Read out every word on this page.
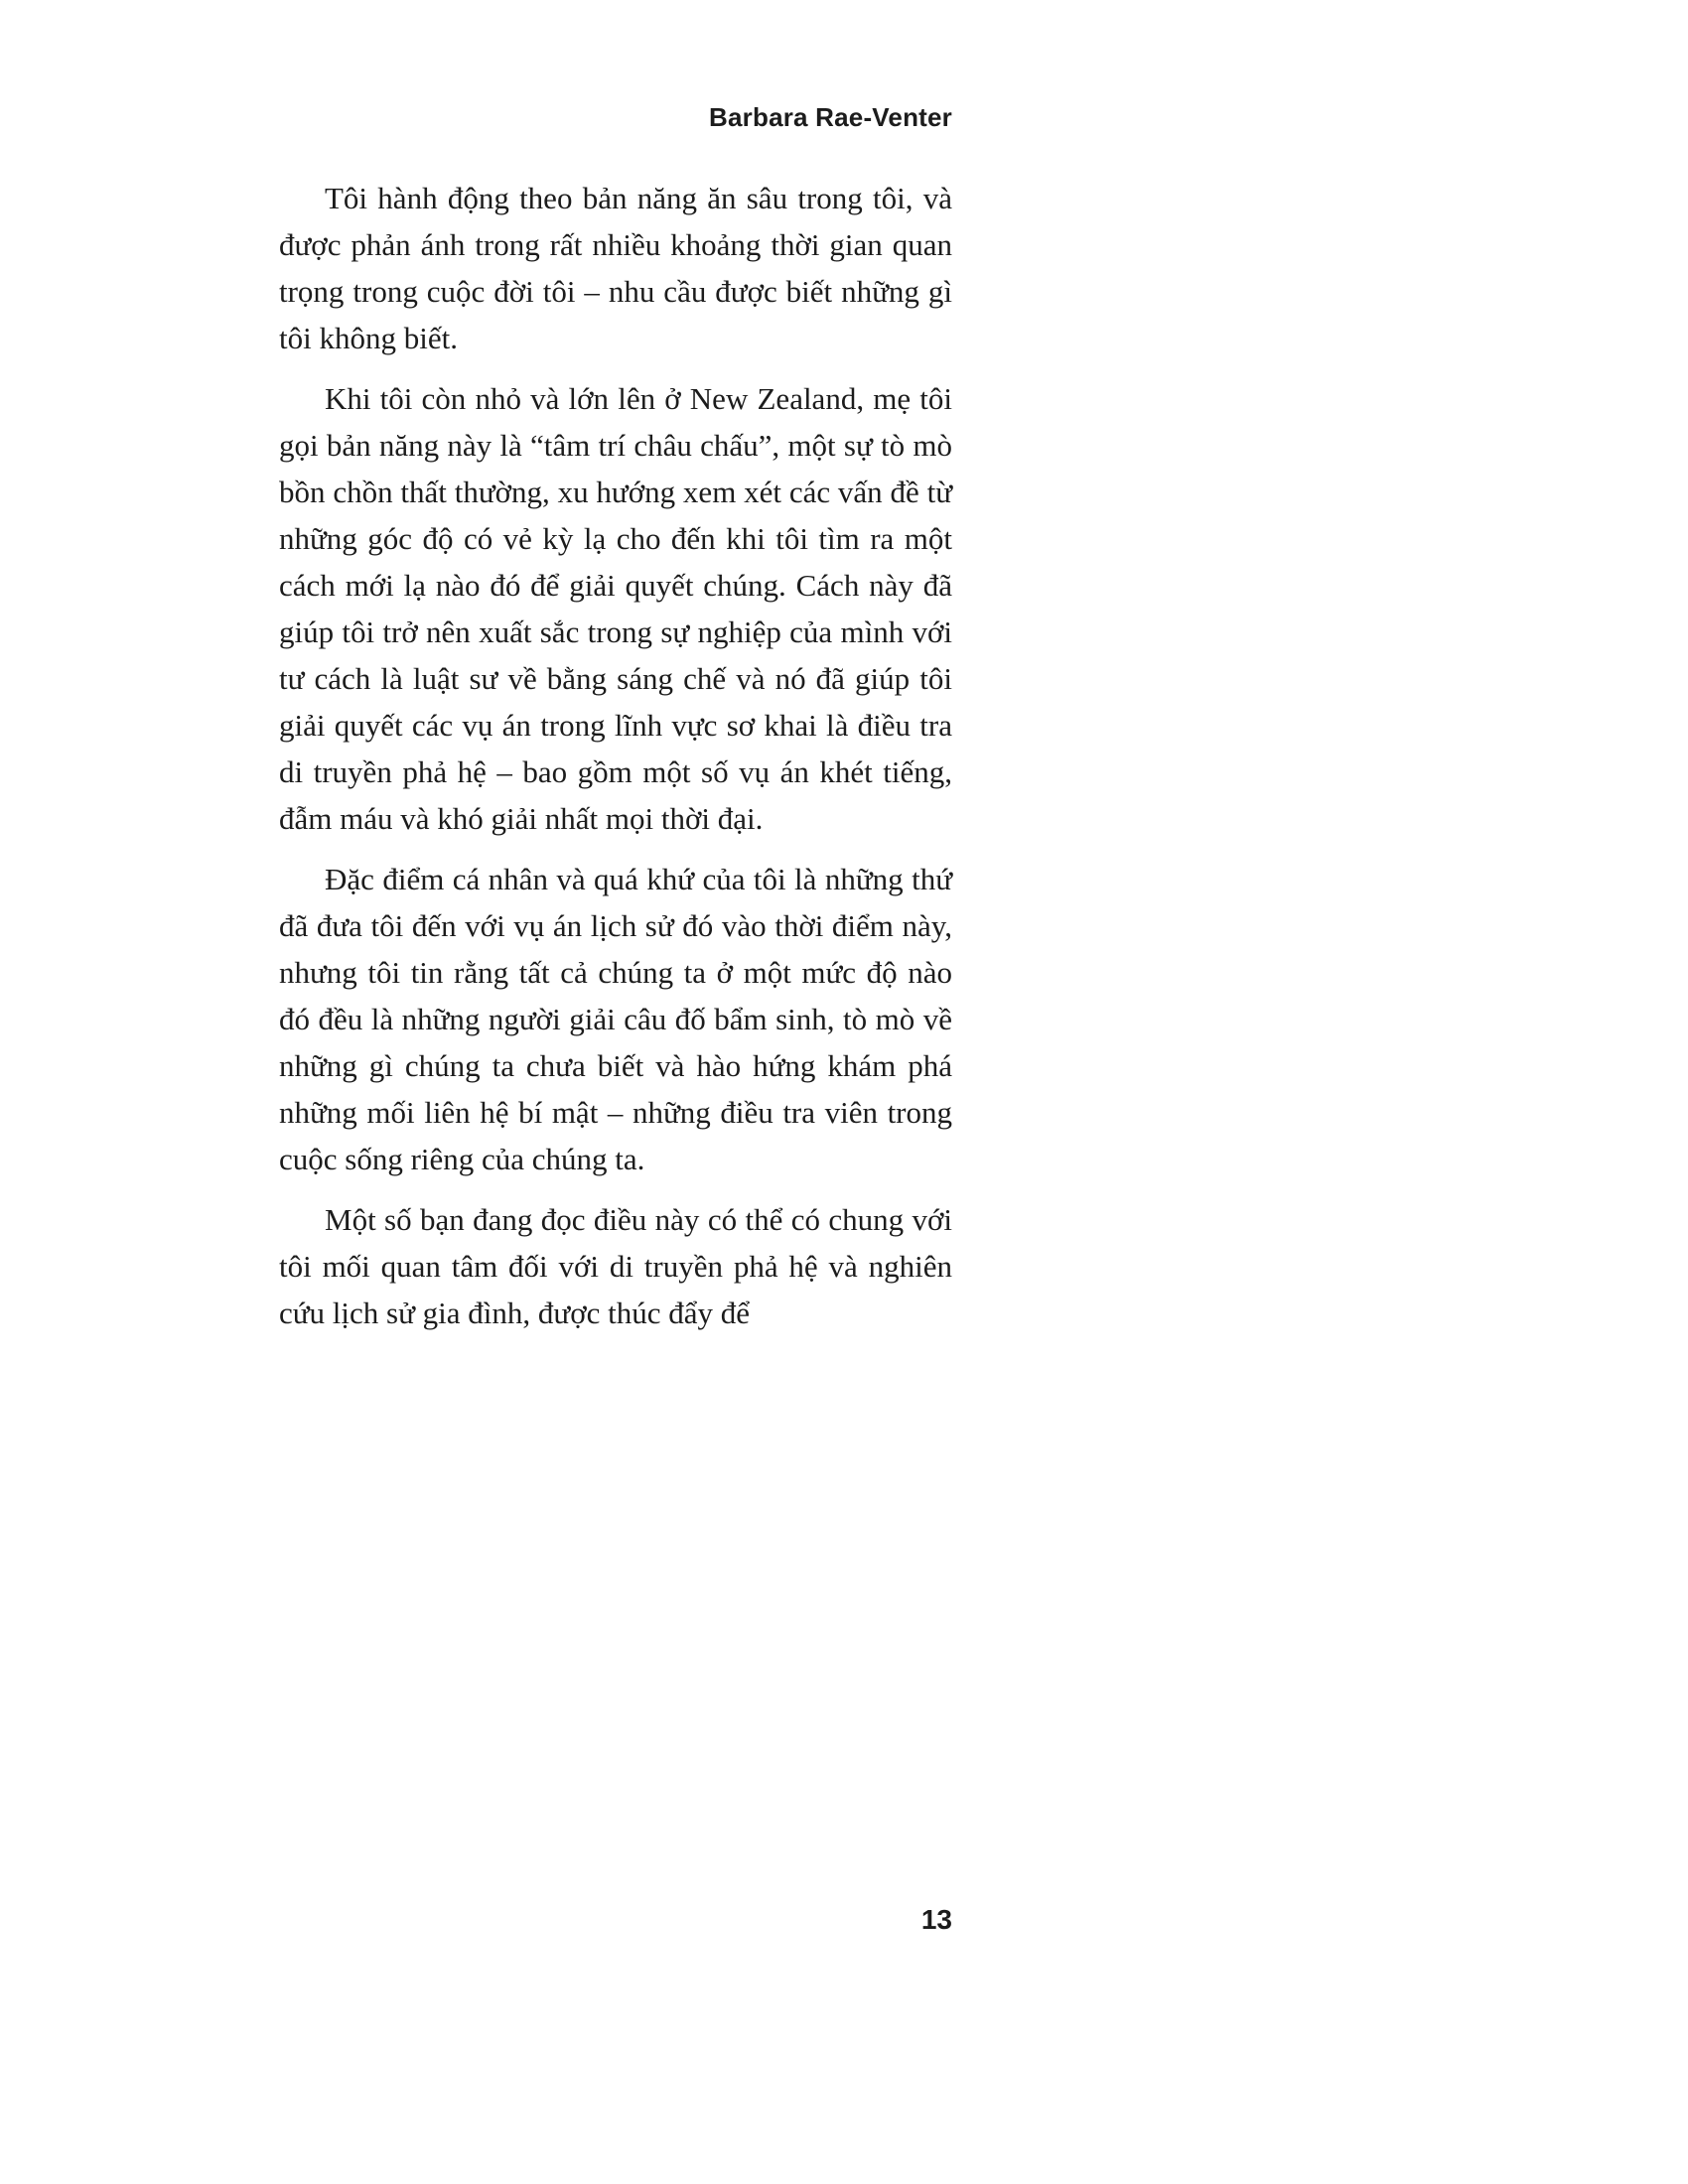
Barbara Rae-Venter

Tôi hành động theo bản năng ăn sâu trong tôi, và được phản ánh trong rất nhiều khoảng thời gian quan trọng trong cuộc đời tôi – nhu cầu được biết những gì tôi không biết.

Khi tôi còn nhỏ và lớn lên ở New Zealand, mẹ tôi gọi bản năng này là “tâm trí châu chấu”, một sự tò mò bồn chồn thất thường, xu hướng xem xét các vấn đề từ những góc độ có vẻ kỳ lạ cho đến khi tôi tìm ra một cách mới lạ nào đó để giải quyết chúng. Cách này đã giúp tôi trở nên xuất sắc trong sự nghiệp của mình với tư cách là luật sư về bằng sáng chế và nó đã giúp tôi giải quyết các vụ án trong lĩnh vực sơ khai là điều tra di truyền phả hệ – bao gồm một số vụ án khét tiếng, đẫm máu và khó giải nhất mọi thời đại.

Đặc điểm cá nhân và quá khứ của tôi là những thứ đã đưa tôi đến với vụ án lịch sử đó vào thời điểm này, nhưng tôi tin rằng tất cả chúng ta ở một mức độ nào đó đều là những người giải câu đố bẩm sinh, tò mò về những gì chúng ta chưa biết và hào hứng khám phá những mối liên hệ bí mật – những điều tra viên trong cuộc sống riêng của chúng ta.

Một số bạn đang đọc điều này có thể có chung với tôi mối quan tâm đối với di truyền phả hệ và nghiên cứu lịch sử gia đình, được thúc đẩy để

13
